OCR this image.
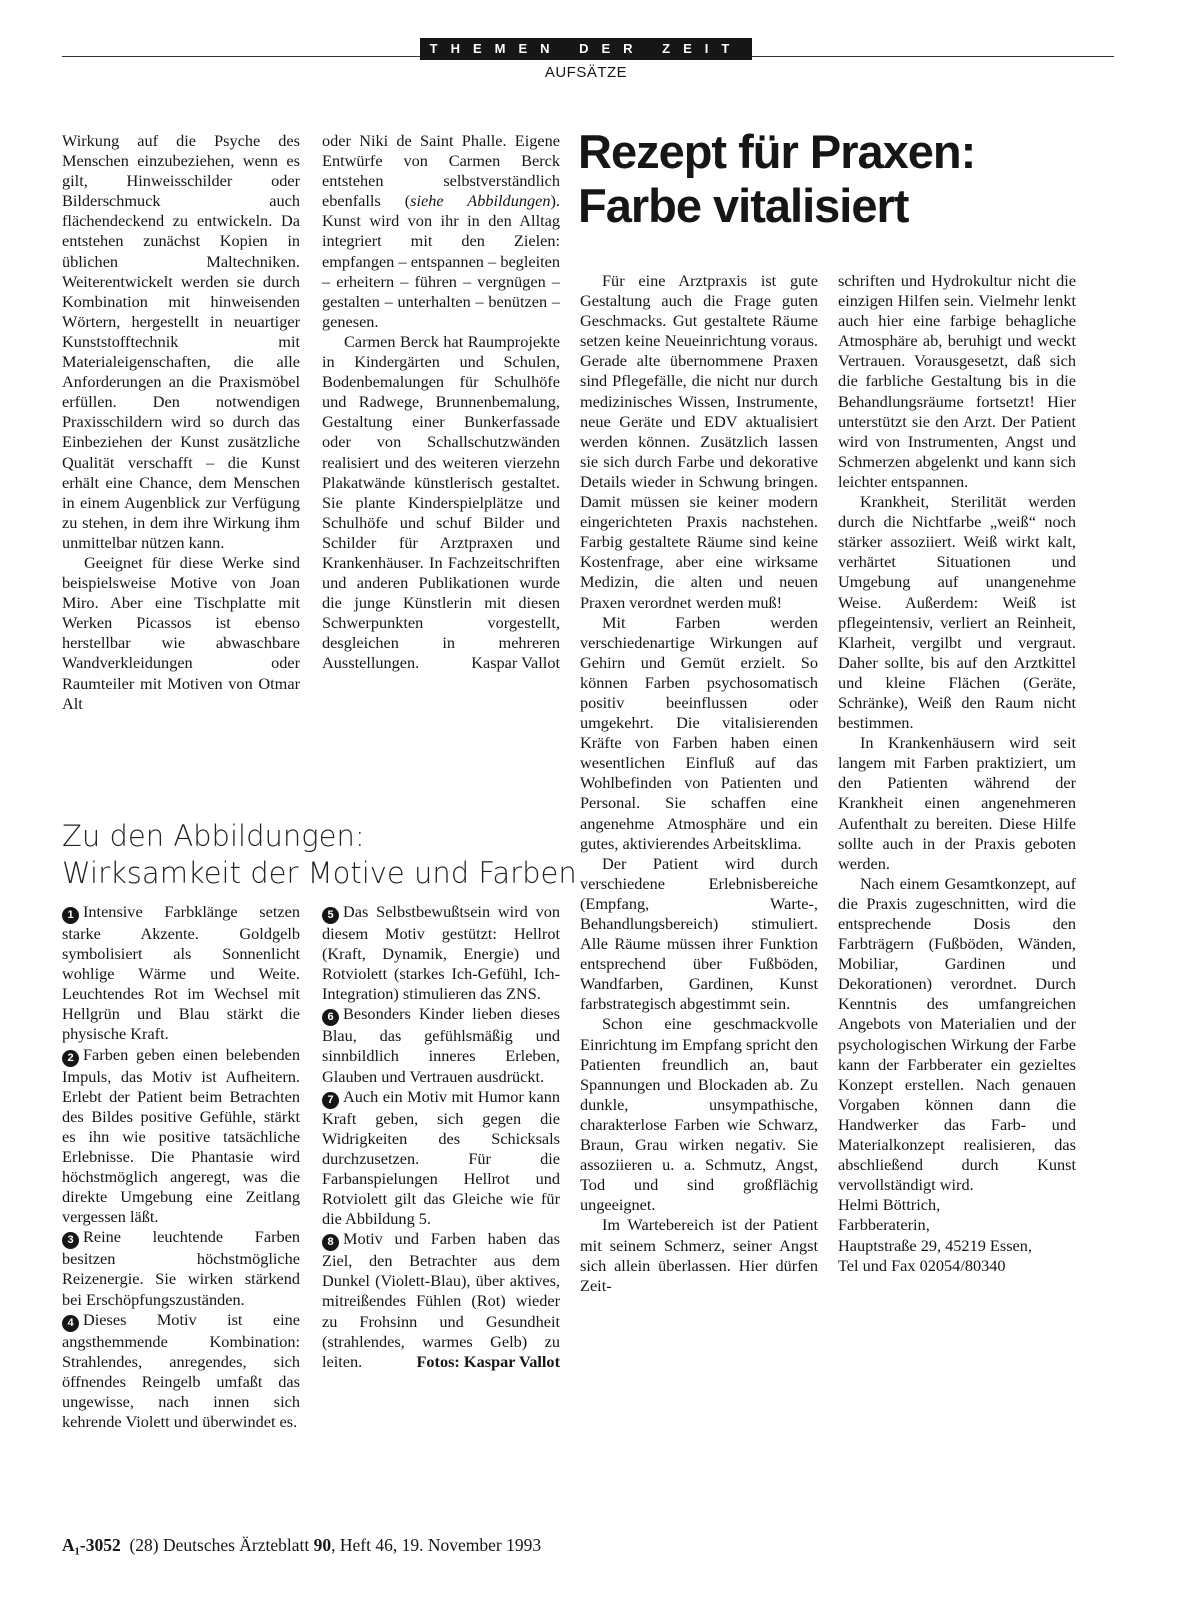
THEMEN DER ZEIT
AUFSÄTZE

Wirkung auf die Psyche des Menschen einzubeziehen, wenn es gilt, Hinweisschilder oder Bilderschmuck auch flächendeckend zu entwickeln. Da entstehen zunächst Kopien in üblichen Maltechniken. Weiterentwickelt werden sie durch Kombination mit hinweisenden Wörtern, hergestellt in neuartiger Kunststofftechnik mit Materialeigenschaften, die alle Anforderungen an die Praxismöbel erfüllen. Den notwendigen Praxisschildern wird so durch das Einbeziehen der Kunst zusätzliche Qualität verschafft – die Kunst erhält eine Chance, dem Menschen in einem Augenblick zur Verfügung zu stehen, in dem ihre Wirkung ihm unmittelbar nützen kann.

Geeignet für diese Werke sind beispielsweise Motive von Joan Miro. Aber eine Tischplatte mit Werken Picassos ist ebenso herstellbar wie abwaschbare Wandverkleidungen oder Raumteiler mit Motiven von Otmar Alt

oder Niki de Saint Phalle. Eigene Entwürfe von Carmen Berck entstehen selbstverständlich ebenfalls (siehe Abbildungen). Kunst wird von ihr in den Alltag integriert mit den Zielen: empfangen – entspannen – begleiten – erheitern – führen – vergnügen – gestalten – unterhalten – benützen – genesen.

Carmen Berck hat Raumprojekte in Kindergärten und Schulen, Bodenbemalungen für Schulhöfe und Radwege, Brunnenbemalung, Gestaltung einer Bunkerfassade oder von Schallschutzwänden realisiert und des weiteren vierzehn Plakatwände künstlerisch gestaltet. Sie plante Kinderspielplätze und Schulhöfe und schuf Bilder und Schilder für Arztpraxen und Krankenhäuser. In Fachzeitschriften und anderen Publikationen wurde die junge Künstlerin mit diesen Schwerpunkten vorgestellt, desgleichen in mehreren Ausstellungen.	Kaspar Vallot

Rezept für Praxen: Farbe vitalisiert

Für eine Arztpraxis ist gute Gestaltung auch die Frage guten Geschmacks. Gut gestaltete Räume setzen keine Neueinrichtung voraus. Gerade alte übernommene Praxen sind Pflegefälle, die nicht nur durch medizinisches Wissen, Instrumente, neue Geräte und EDV aktualisiert werden können. Zusätzlich lassen sie sich durch Farbe und dekorative Details wieder in Schwung bringen. Damit müssen sie keiner modern eingerichteten Praxis nachstehen. Farbig gestaltete Räume sind keine Kostenfrage, aber eine wirksame Medizin, die alten und neuen Praxen verordnet werden muß!

Mit Farben werden verschiedenartige Wirkungen auf Gehirn und Gemüt erzielt. So können Farben psychosomatisch positiv beeinflussen oder umgekehrt. Die vitalisierenden Kräfte von Farben haben einen wesentlichen Einfluß auf das Wohlbefinden von Patienten und Personal. Sie schaffen eine angenehme Atmosphäre und ein gutes, aktivierendes Arbeitsklima.

Der Patient wird durch verschiedene Erlebnisbereiche (Empfang, Warte-, Behandlungsbereich) stimuliert. Alle Räume müssen ihrer Funktion entsprechend über Fußböden, Wandfarben, Gardinen, Kunst farbstrategisch abgestimmt sein.

Schon eine geschmackvolle Einrichtung im Empfang spricht den Patienten freundlich an, baut Spannungen und Blockaden ab. Zu dunkle, unsympathische, charakterlose Farben wie Schwarz, Braun, Grau wirken negativ. Sie assoziieren u. a. Schmutz, Angst, Tod und sind großflächig ungeeignet.

Im Wartebereich ist der Patient mit seinem Schmerz, seiner Angst sich allein überlassen. Hier dürfen Zeit-

schriften und Hydrokultur nicht die einzigen Hilfen sein. Vielmehr lenkt auch hier eine farbige behagliche Atmosphäre ab, beruhigt und weckt Vertrauen. Vorausgesetzt, daß sich die farbliche Gestaltung bis in die Behandlungsräume fortsetzt! Hier unterstützt sie den Arzt. Der Patient wird von Instrumenten, Angst und Schmerzen abgelenkt und kann sich leichter entspannen.

Krankheit, Sterilität werden durch die Nichtfarbe „weiß“ noch stärker assoziiert. Weiß wirkt kalt, verhärtet Situationen und Umgebung auf unangenehme Weise. Außerdem: Weiß ist pflegeintensiv, verliert an Reinheit, Klarheit, vergilbt und vergraut. Daher sollte, bis auf den Arztkittel und kleine Flächen (Geräte, Schränke), Weiß den Raum nicht bestimmen.

In Krankenhäusern wird seit langem mit Farben praktiziert, um den Patienten während der Krankheit einen angenehmeren Aufenthalt zu bereiten. Diese Hilfe sollte auch in der Praxis geboten werden.

Nach einem Gesamtkonzept, auf die Praxis zugeschnitten, wird die entsprechende Dosis den Farbträgern (Fußböden, Wänden, Mobiliar, Gardinen und Dekorationen) verordnet. Durch Kenntnis des umfangreichen Angebots von Materialien und der psychologischen Wirkung der Farbe kann der Farbberater ein gezieltes Konzept erstellen. Nach genauen Vorgaben können dann die Handwerker das Farb- und Materialkonzept realisieren, das abschließend durch Kunst vervollständigt wird.

Helmi Böttrich,
Farbberaterin,
Hauptstraße 29, 45219 Essen,
Tel und Fax 02054/80340
Zu den Abbildungen:
Wirksamkeit der Motive und Farben

1 Intensive Farbklänge setzen starke Akzente. Goldgelb symbolisiert als Sonnenlicht wohlige Wärme und Weite. Leuchtendes Rot im Wechsel mit Hellgrün und Blau stärkt die physische Kraft.

2 Farben geben einen belebenden Impuls, das Motiv ist Aufheitern. Erlebt der Patient beim Betrachten des Bildes positive Gefühle, stärkt es ihn wie positive tatsächliche Erlebnisse. Die Phantasie wird höchstmöglich angeregt, was die direkte Umgebung eine Zeitlang vergessen läßt.

3 Reine leuchtende Farben besitzen höchstmögliche Reizenergie. Sie wirken stärkend bei Erschöpfungszuständen.

4 Dieses Motiv ist eine angsthemmende Kombination: Strahlendes, anregendes, sich öffnendes Reingelb umfaßt das ungewisse, nach innen sich kehrende Violett und überwindet es.

5 Das Selbstbewußtsein wird von diesem Motiv gestützt: Hellrot (Kraft, Dynamik, Energie) und Rotviolett (starkes Ich-Gefühl, Ich-Integration) stimulieren das ZNS.

6 Besonders Kinder lieben dieses Blau, das gefühlsmäßig und sinnbildlich inneres Erleben, Glauben und Vertrauen ausdrückt.

7 Auch ein Motiv mit Humor kann Kraft geben, sich gegen die Widrigkeiten des Schicksals durchzusetzen. Für die Farbanspielungen Hellrot und Rotviolett gilt das Gleiche wie für die Abbildung 5.

8 Motiv und Farben haben das Ziel, den Betrachter aus dem Dunkel (Violett-Blau), über aktives, mitreißendes Fühlen (Rot) wieder zu Frohsinn und Gesundheit (strahlendes, warmes Gelb) zu leiten.	Fotos: Kaspar Vallot

A₁-3052 (28) Deutsches Ärzteblatt 90, Heft 46, 19. November 1993
